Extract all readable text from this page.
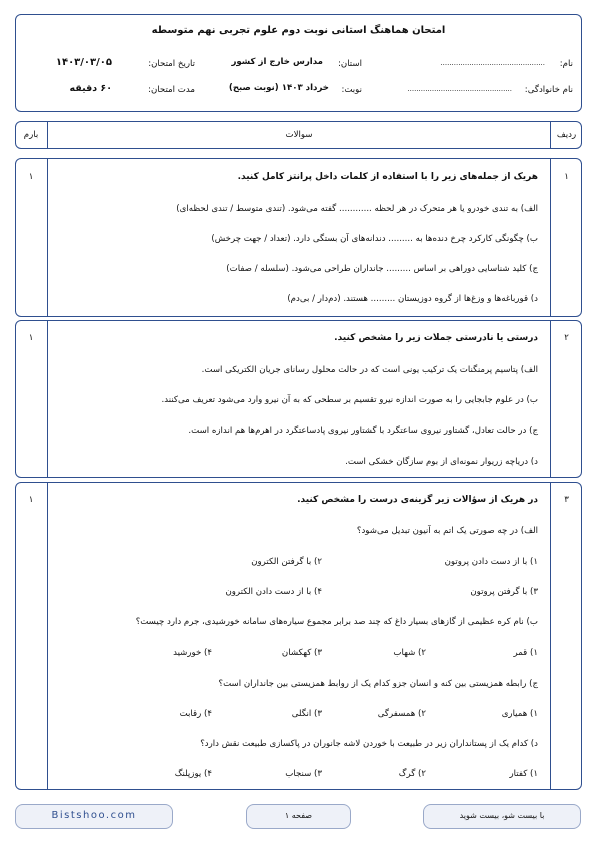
امتحان هماهنگ استانی نوبت دوم علوم تجربی نهم متوسطه
نام:
...............................................
نام خانوادگی:
...............................................
استان:
مدارس خارج از کشور
نوبت:
خرداد ۱۴۰۳ (نوبت صبح)
تاریخ امتحان:
۱۴۰۳/۰۳/۰۵
مدت امتحان:
۶۰ دقیقه
ردیف
سوالات
بارم
۱
۱	هریک از جمله‌های زیر را با استفاده از کلمات داخل پرانتز کامل کنید.
الف) به تندی خودرو یا هر متحرک در هر لحظه ............ گفته می‌شود. (تندی متوسط / تندی لحظه‌ای)
ب) چگونگی کارکرد چرخ دنده‌ها به ......... دندانه‌های آن بستگی دارد. (تعداد / جهت چرخش)
ج) کلید شناسایی دوراهی بر اساس ......... جانداران طراحی می‌شود. (سلسله / صفات)
د) قورباغه‌ها و وزغ‌ها از گروه دوزیستان ......... هستند. (دم‌دار / بی‌دم)
۲
۱	درستی یا نادرستی جملات زیر را مشخص کنید.
الف) پتاسیم پرمنگنات یک ترکیب یونی است که در حالت محلول رسانای جریان الکتریکی است.
ب) در علوم جابجایی را به صورت اندازه نیرو تقسیم بر سطحی که به آن نیرو وارد می‌شود تعریف می‌کنند.
ج) در حالت تعادل، گشتاور نیروی ساعتگرد با گشتاور نیروی پادساعتگرد در اهرم‌ها هم اندازه است.
د) دریاچه زریوار نمونه‌ای از بوم سازگان خشکی است.
۳
۱	در هریک از سؤالات زیر گزینه‌ی درست را مشخص کنید.
الف) در چه صورتی یک اتم به آنیون تبدیل می‌شود؟
۱) با از دست دادن پروتون
۲) با گرفتن الکترون
۳) با گرفتن پروتون
۴) با از دست دادن الکترون
ب) نام کره عظیمی از گازهای بسیار داغ که چند صد برابر مجموع سیاره‌های سامانه خورشیدی، جرم دارد چیست؟
۱) قمر
۲) شهاب
۳) کهکشان
۴) خورشید
ج) رابطه همزیستی بین کنه و انسان جزو کدام یک از روابط همزیستی بین جانداران است؟
۱) همیاری
۲) همسفرگی
۳) انگلی
۴) رقابت
د) کدام یک از پستانداران زیر در طبیعت با خوردن لاشه جانوران در پاکسازی طبیعت نقش دارد؟
۱) کفتار
۲) گرگ
۳) سنجاب
۴) یوزپلنگ
با بیست شو، بیست شوید
صفحه ۱
Bistshoo.com
